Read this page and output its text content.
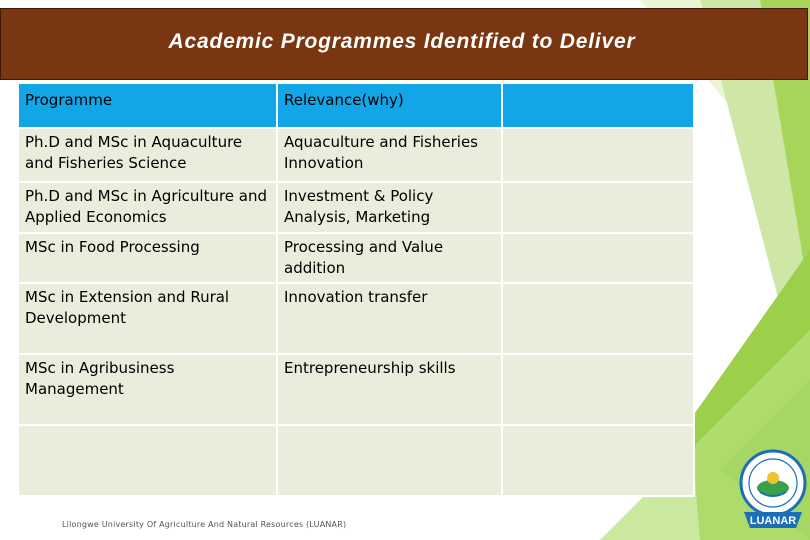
Academic Programmes Identified to Deliver
Programme	Relevance(why)	
Ph.D and MSc in Aquaculture and Fisheries Science	Aquaculture and Fisheries Innovation	
Ph.D and MSc in Agriculture and Applied Economics	Investment & Policy Analysis, Marketing	
MSc in Food Processing	Processing and Value addition	
MSc in Extension and Rural Development	Innovation transfer	
MSc in Agribusiness Management	Entrepreneurship skills	

Lilongwe University Of Agriculture And Natural Resources (LUANAR)	LUANAR
